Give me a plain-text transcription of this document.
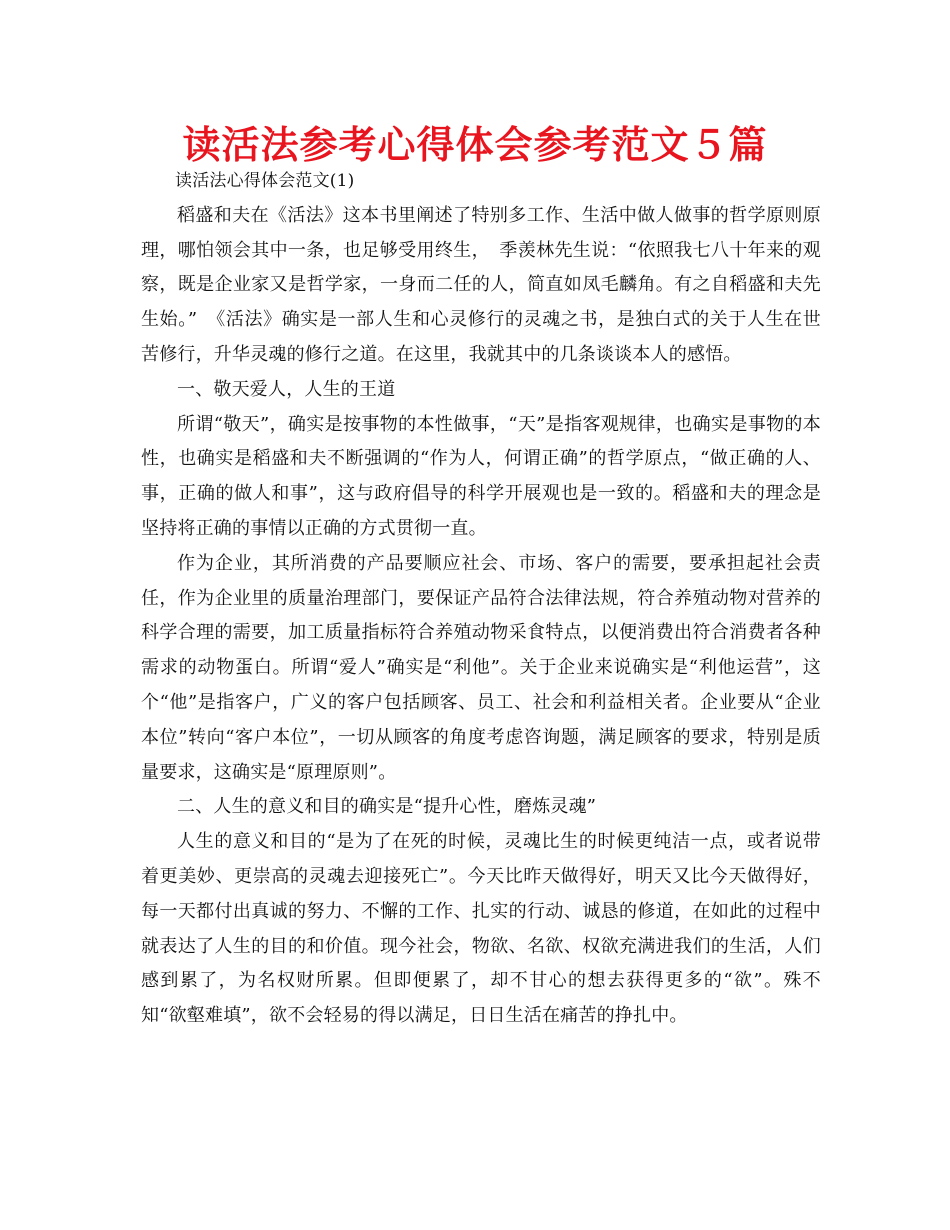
读活法参考心得体会参考范文５篇

读活法心得体会范文(1)

稻盛和夫在《活法》这本书里阐述了特别多工作、生活中做人做事的哲学原则原理，哪怕领会其中一条，也足够受用终生，　季羡林先生说：“依照我七八十年来的观察，既是企业家又是哲学家，一身而二任的人，简直如凤毛麟角。有之自稻盛和夫先生始。”　《活法》确实是一部人生和心灵修行的灵魂之书，是独白式的关于人生在世苦修行，升华灵魂的修行之道。在这里，我就其中的几条谈谈本人的感悟。

一、敬天爱人，人生的王道

所谓“敬天”，确实是按事物的本性做事，“天”是指客观规律，也确实是事物的本性，也确实是稻盛和夫不断强调的“作为人，何谓正确”的哲学原点，“做正确的人、事，正确的做人和事”，这与政府倡导的科学开展观也是一致的。稻盛和夫的理念是坚持将正确的事情以正确的方式贯彻一直。

作为企业，其所消费的产品要顺应社会、市场、客户的需要，要承担起社会责任，作为企业里的质量治理部门，要保证产品符合法律法规，符合养殖动物对营养的科学合理的需要，加工质量指标符合养殖动物采食特点，以便消费出符合消费者各种需求的动物蛋白。所谓“爱人”确实是“利他”。关于企业来说确实是“利他运营”，这个“他”是指客户，广义的客户包括顾客、员工、社会和利益相关者。企业要从“企业本位”转向“客户本位”，一切从顾客的角度考虑咨询题，满足顾客的要求，特别是质量要求，这确实是“原理原则”。

二、人生的意义和目的确实是“提升心性，磨炼灵魂”

人生的意义和目的“是为了在死的时候，灵魂比生的时候更纯洁一点，或者说带着更美妙、更崇高的灵魂去迎接死亡”。今天比昨天做得好，明天又比今天做得好，每一天都付出真诚的努力、不懈的工作、扎实的行动、诚恳的修道，在如此的过程中就表达了人生的目的和价值。现今社会，物欲、名欲、权欲充满进我们的生活，人们感到累了，为名权财所累。但即便累了，却不甘心的想去获得更多的“欲”。殊不知“欲壑难填”，欲不会轻易的得以满足，日日生活在痛苦的挣扎中。
